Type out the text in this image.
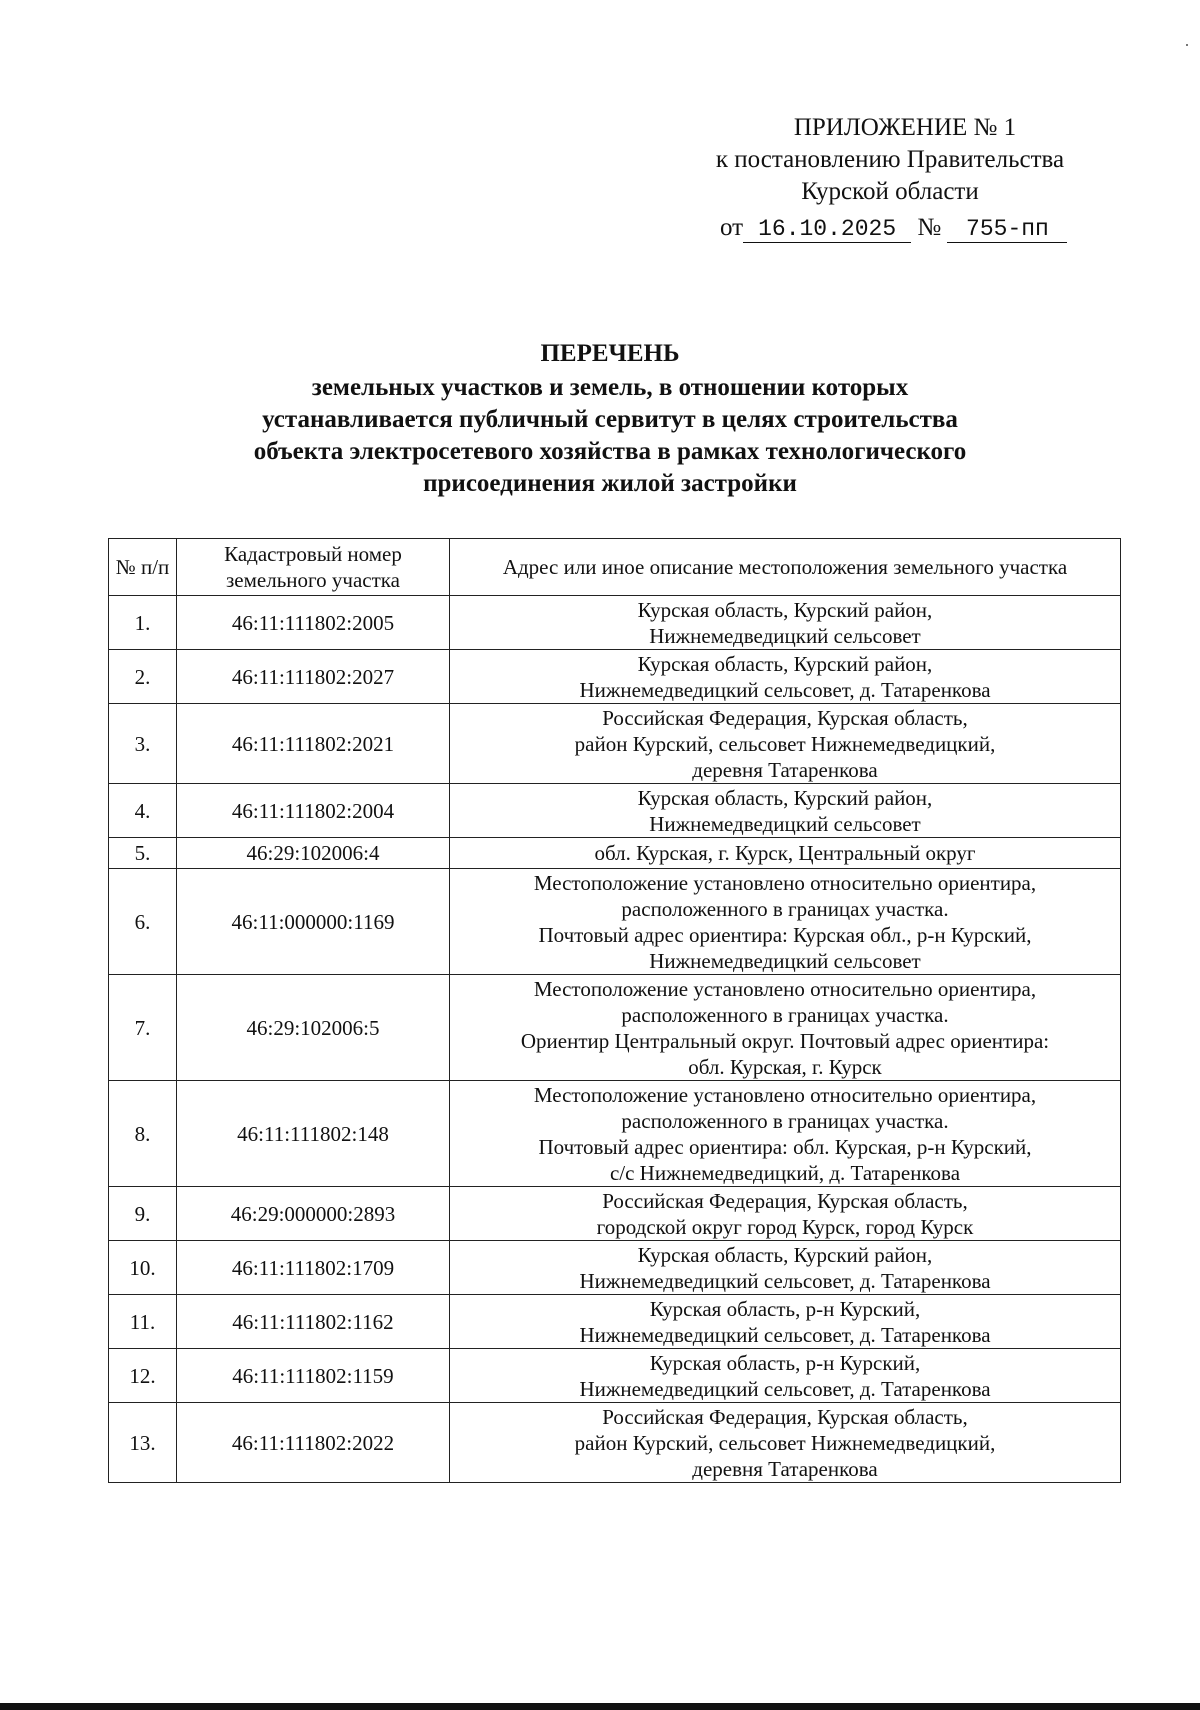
ПРИЛОЖЕНИЕ № 1
к постановлению Правительства
Курской области
от 16.10.2025 № 755-пп
ПЕРЕЧЕНЬ
земельных участков и земель, в отношении которых
устанавливается публичный сервитут в целях строительства
объекта электросетевого хозяйства в рамках технологического
присоединения жилой застройки
№ п/п	Кадастровый номер земельного участка	Адрес или иное описание местоположения земельного участка
1.	46:11:111802:2005	Курская область, Курский район,
Нижнемедведицкий сельсовет
2.	46:11:111802:2027	Курская область, Курский район,
Нижнемедведицкий сельсовет, д. Татаренкова
3.	46:11:111802:2021	Российская Федерация, Курская область,
район Курский, сельсовет Нижнемедведицкий,
деревня Татаренкова
4.	46:11:111802:2004	Курская область, Курский район,
Нижнемедведицкий сельсовет
5.	46:29:102006:4	обл. Курская, г. Курск, Центральный округ
6.	46:11:000000:1169	Местоположение установлено относительно ориентира,
расположенного в границах участка.
Почтовый адрес ориентира: Курская обл., р-н Курский,
Нижнемедведицкий сельсовет
7.	46:29:102006:5	Местоположение установлено относительно ориентира,
расположенного в границах участка.
Ориентир Центральный округ. Почтовый адрес ориентира:
обл. Курская, г. Курск
8.	46:11:111802:148	Местоположение установлено относительно ориентира,
расположенного в границах участка.
Почтовый адрес ориентира: обл. Курская, р-н Курский,
с/с Нижнемедведицкий, д. Татаренкова
9.	46:29:000000:2893	Российская Федерация, Курская область,
городской округ город Курск, город Курск
10.	46:11:111802:1709	Курская область, Курский район,
Нижнемедведицкий сельсовет, д. Татаренкова
11.	46:11:111802:1162	Курская область, р-н Курский,
Нижнемедведицкий сельсовет, д. Татаренкова
12.	46:11:111802:1159	Курская область, р-н Курский,
Нижнемедведицкий сельсовет, д. Татаренкова
13.	46:11:111802:2022	Российская Федерация, Курская область,
район Курский, сельсовет Нижнемедведицкий,
деревня Татаренкова
